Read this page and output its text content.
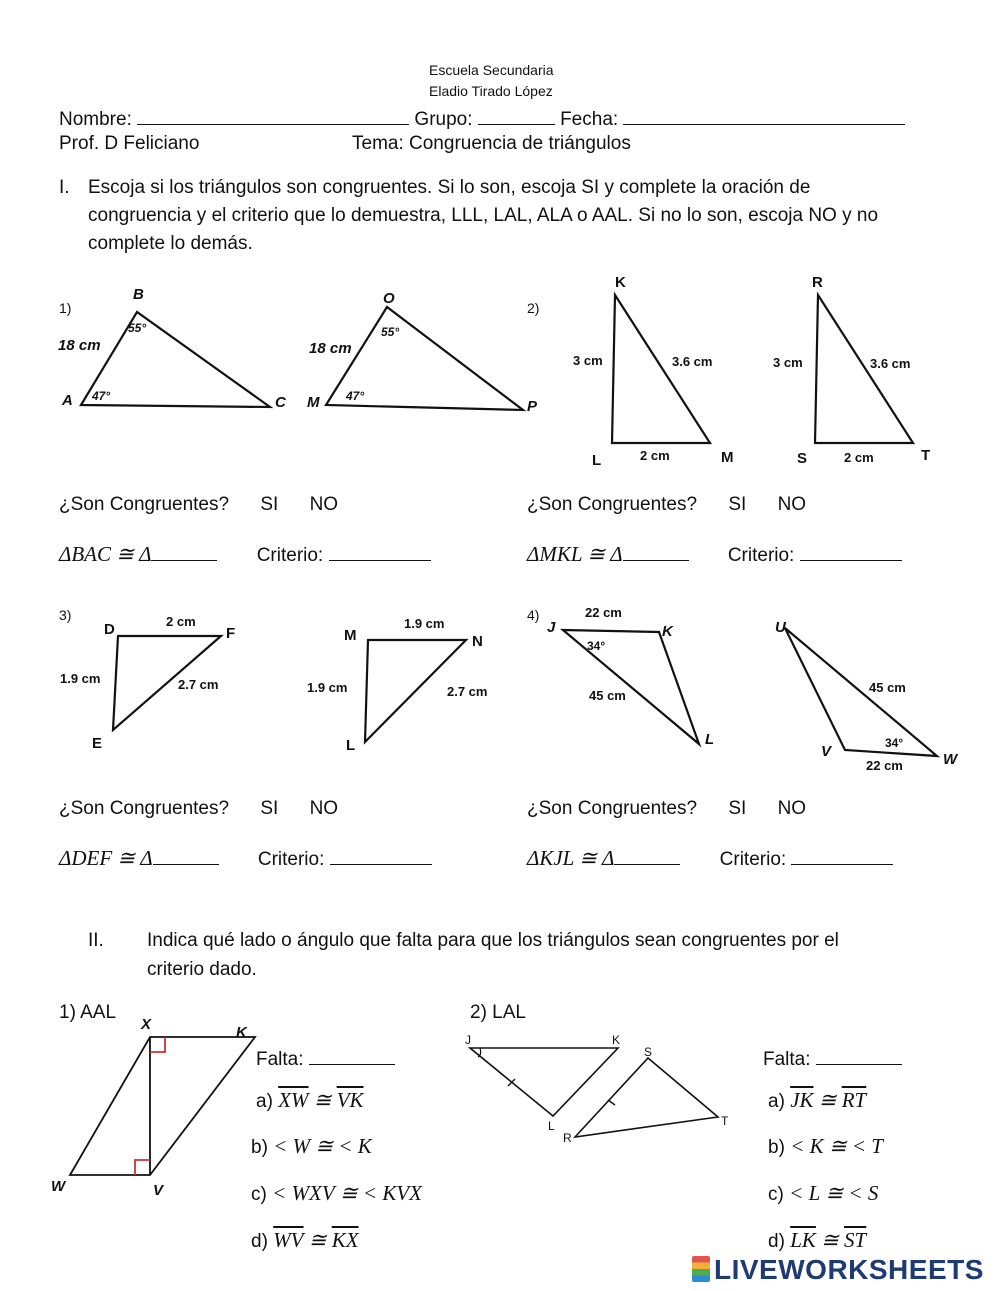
Escuela Secundaria
Eladio Tirado López
Nombre:	Grupo:	Fecha:
Prof. D Feliciano	Tema: Congruencia de triángulos
I. Escoja si los triángulos son congruentes. Si lo son, escoja SI y complete la oración de
congruencia y el criterio que lo demuestra, LLL, LAL, ALA o AAL. Si no lo son, escoja NO y no
complete lo demás.
1)	2)
3)	4)
B
A	C
O
M	P
18 cm	18 cm
55°	55°
47°	47°
K
L	M
R
S	T
3 cm	3.6 cm
2 cm
3 cm	3.6 cm
2 cm
¿Son Congruentes? SI NO	¿Son Congruentes? SI NO
ΔBAC ≅ Δ	Criterio:	ΔMKL ≅ Δ	Criterio:
D	F
E
M	N
L
2 cm	1.9 cm
1.9 cm
1.9 cm
2.7 cm	2.7 cm
J	K
L
U
V	W
22 cm
45 cm
34°
45 cm
22 cm
34°
¿Son Congruentes? SI NO	¿Son Congruentes? SI NO
ΔDEF ≅ Δ	Criterio:	ΔKJL ≅ Δ	Criterio:
II. Indica qué lado o ángulo que falta para que los triángulos sean congruentes por el
criterio dado.
1) AAL	2) LAL
X	K
W	V
J	K
L
S
T
R
Falta:	Falta:
a) $\overline{XW}$ ≅ $\overline{VK}$
b) < W ≅ < K
c) < WXV ≅ < KVX
d) $\overline{WV}$ ≅ $\overline{KX}$
a) $\overline{JK}$ ≅ $\overline{RT}$
b) < K ≅ < T
c) < L ≅ < S
d) $\overline{LK}$ ≅ $\overline{ST}$
LIVEWORKSHEETS
